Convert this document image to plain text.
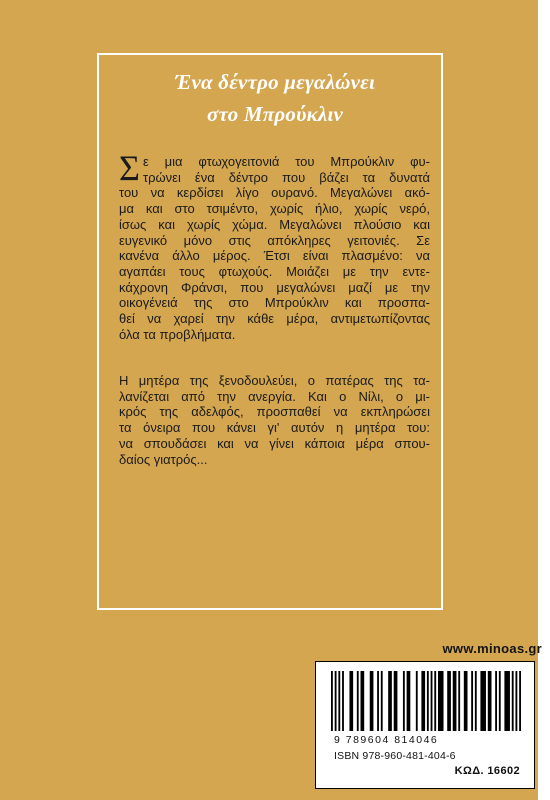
Ένα δέντρο μεγαλώνει
στο Μπρούκλιν
Σ ε μια φτωχογειτονιά του Μπρούκλιν φυ-
τρώνει ένα δέντρο που βάζει τα δυνατά
του να κερδίσει λίγο ουρανό. Μεγαλώνει ακό-
μα και στο τσιμέντο, χωρίς ήλιο, χωρίς νερό,
ίσως και χωρίς χώμα. Μεγαλώνει πλούσιο και
ευγενικό μόνο στις απόκληρες γειτονιές. Σε
κανένα άλλο μέρος. Έτσι είναι πλασμένο: να
αγαπάει τους φτωχούς. Μοιάζει με την εντε-
κάχρονη Φράνσι, που μεγαλώνει μαζί με την
οικογένειά της στο Μπρούκλιν και προσπα-
θεί να χαρεί την κάθε μέρα, αντιμετωπίζοντας
όλα τα προβλήματα.
Η μητέρα της ξενοδουλεύει, ο πατέρας της τα-
λανίζεται από την ανεργία. Και ο Νίλι, ο μι-
κρός της αδελφός, προσπαθεί να εκπληρώσει
τα όνειρα που κάνει γι' αυτόν η μητέρα του:
να σπουδάσει και να γίνει κάποια μέρα σπου-
δαίος γιατρός...
www.minoas.gr
9 789604 814046
ISBN 978-960-481-404-6
ΚΩΔ. 16602
